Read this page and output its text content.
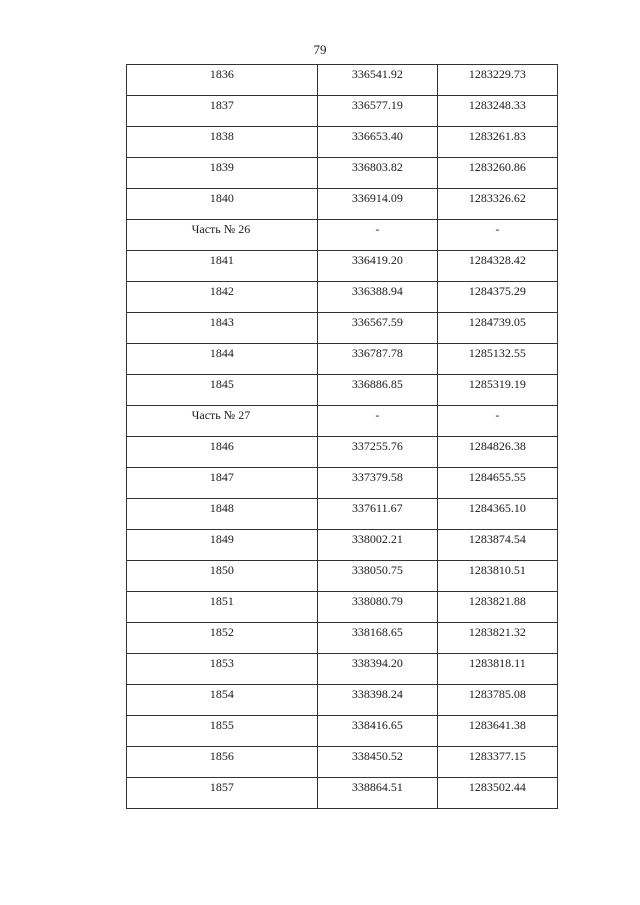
79
1836	336541.92	1283229.73
1837	336577.19	1283248.33
1838	336653.40	1283261.83
1839	336803.82	1283260.86
1840	336914.09	1283326.62
Часть № 26	-	-
1841	336419.20	1284328.42
1842	336388.94	1284375.29
1843	336567.59	1284739.05
1844	336787.78	1285132.55
1845	336886.85	1285319.19
Часть № 27	-	-
1846	337255.76	1284826.38
1847	337379.58	1284655.55
1848	337611.67	1284365.10
1849	338002.21	1283874.54
1850	338050.75	1283810.51
1851	338080.79	1283821.88
1852	338168.65	1283821.32
1853	338394.20	1283818.11
1854	338398.24	1283785.08
1855	338416.65	1283641.38
1856	338450.52	1283377.15
1857	338864.51	1283502.44
